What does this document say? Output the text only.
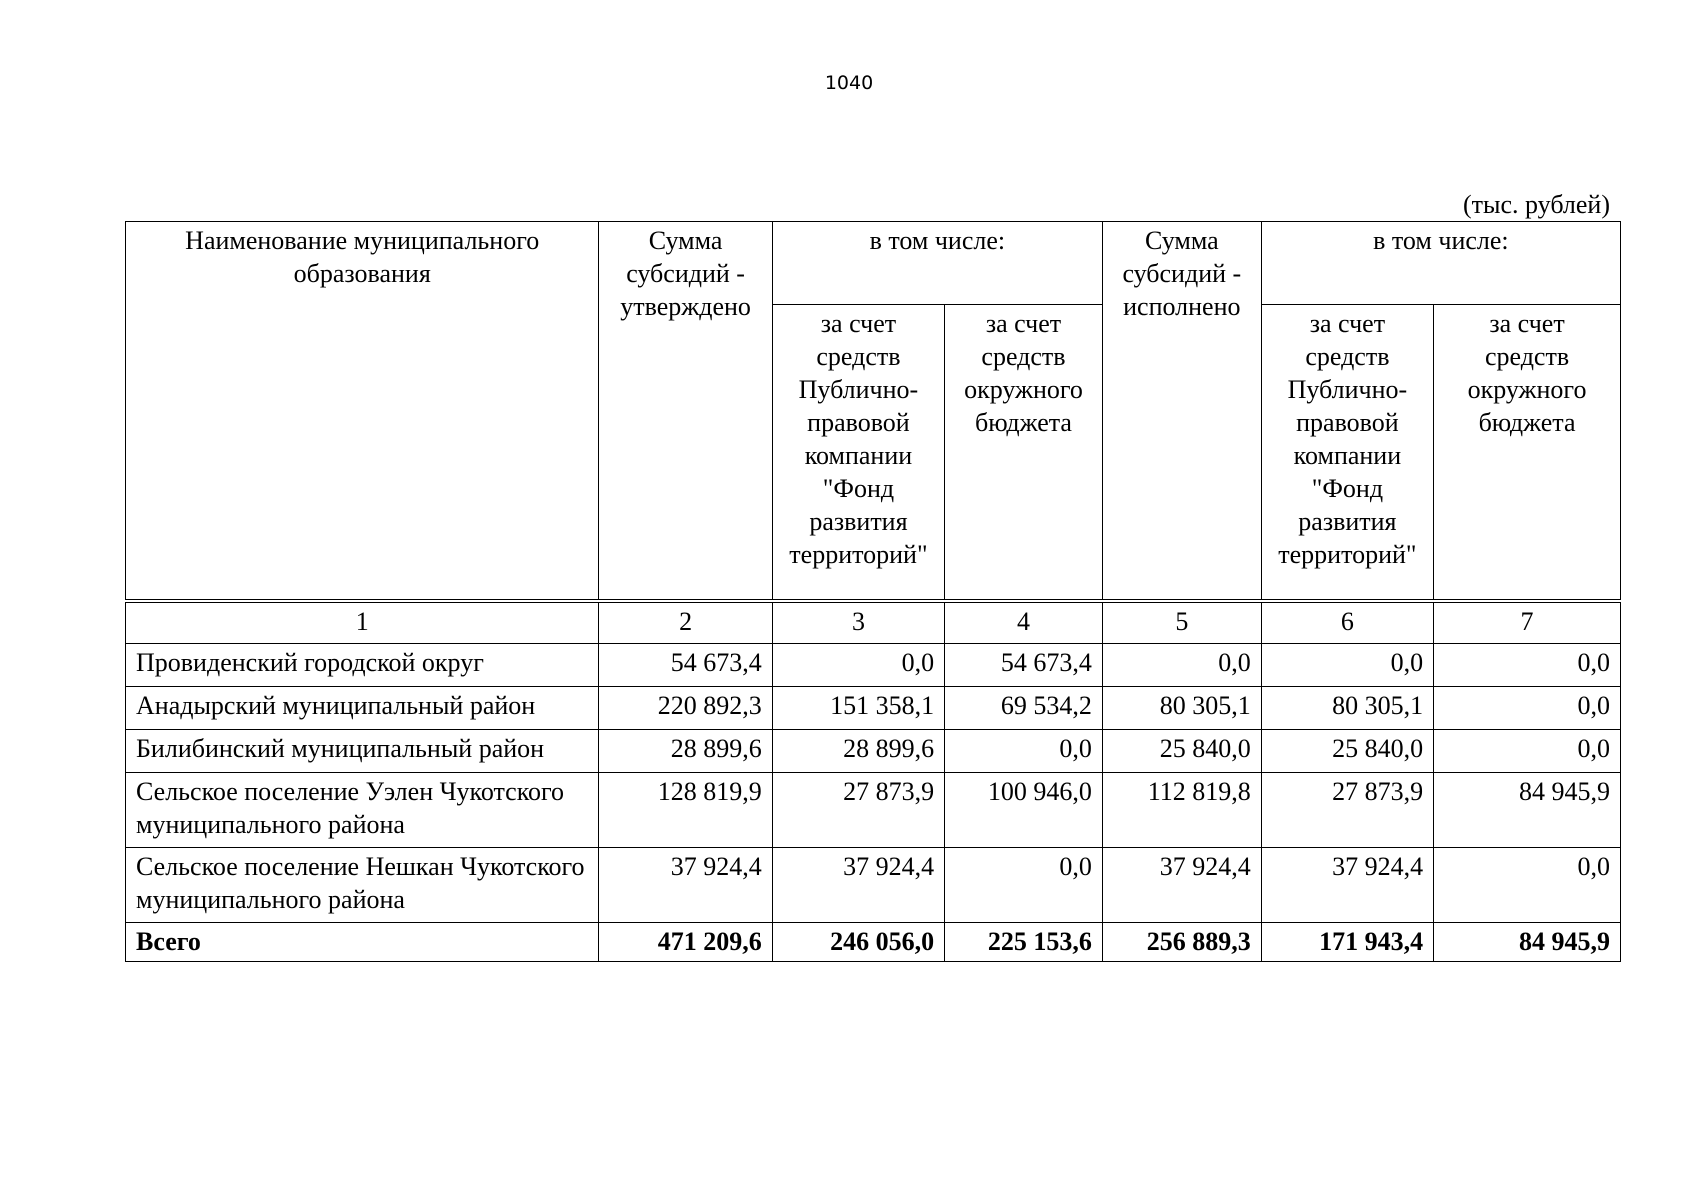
1040
(тыс. рублей)
Наименование муниципального образования	Сумма субсидий - утверждено	в том числе:		Сумма субсидий - исполнено	в том числе:	
		за счет средств Публично-правовой компании "Фонд развития территорий"	за счет средств окружного бюджета		за счет средств Публично-правовой компании "Фонд развития территорий"	за счет средств окружного бюджета
1	2	3	4	5	6	7
Провиденский городской округ	54 673,4	0,0	54 673,4	0,0	0,0	0,0
Анадырский муниципальный район	220 892,3	151 358,1	69 534,2	80 305,1	80 305,1	0,0
Билибинский муниципальный район	28 899,6	28 899,6	0,0	25 840,0	25 840,0	0,0
Сельское поселение Уэлен Чукотского муниципального района	128 819,9	27 873,9	100 946,0	112 819,8	27 873,9	84 945,9
Сельское поселение Нешкан Чукотского муниципального района	37 924,4	37 924,4	0,0	37 924,4	37 924,4	0,0
Всего	471 209,6	246 056,0	225 153,6	256 889,3	171 943,4	84 945,9
